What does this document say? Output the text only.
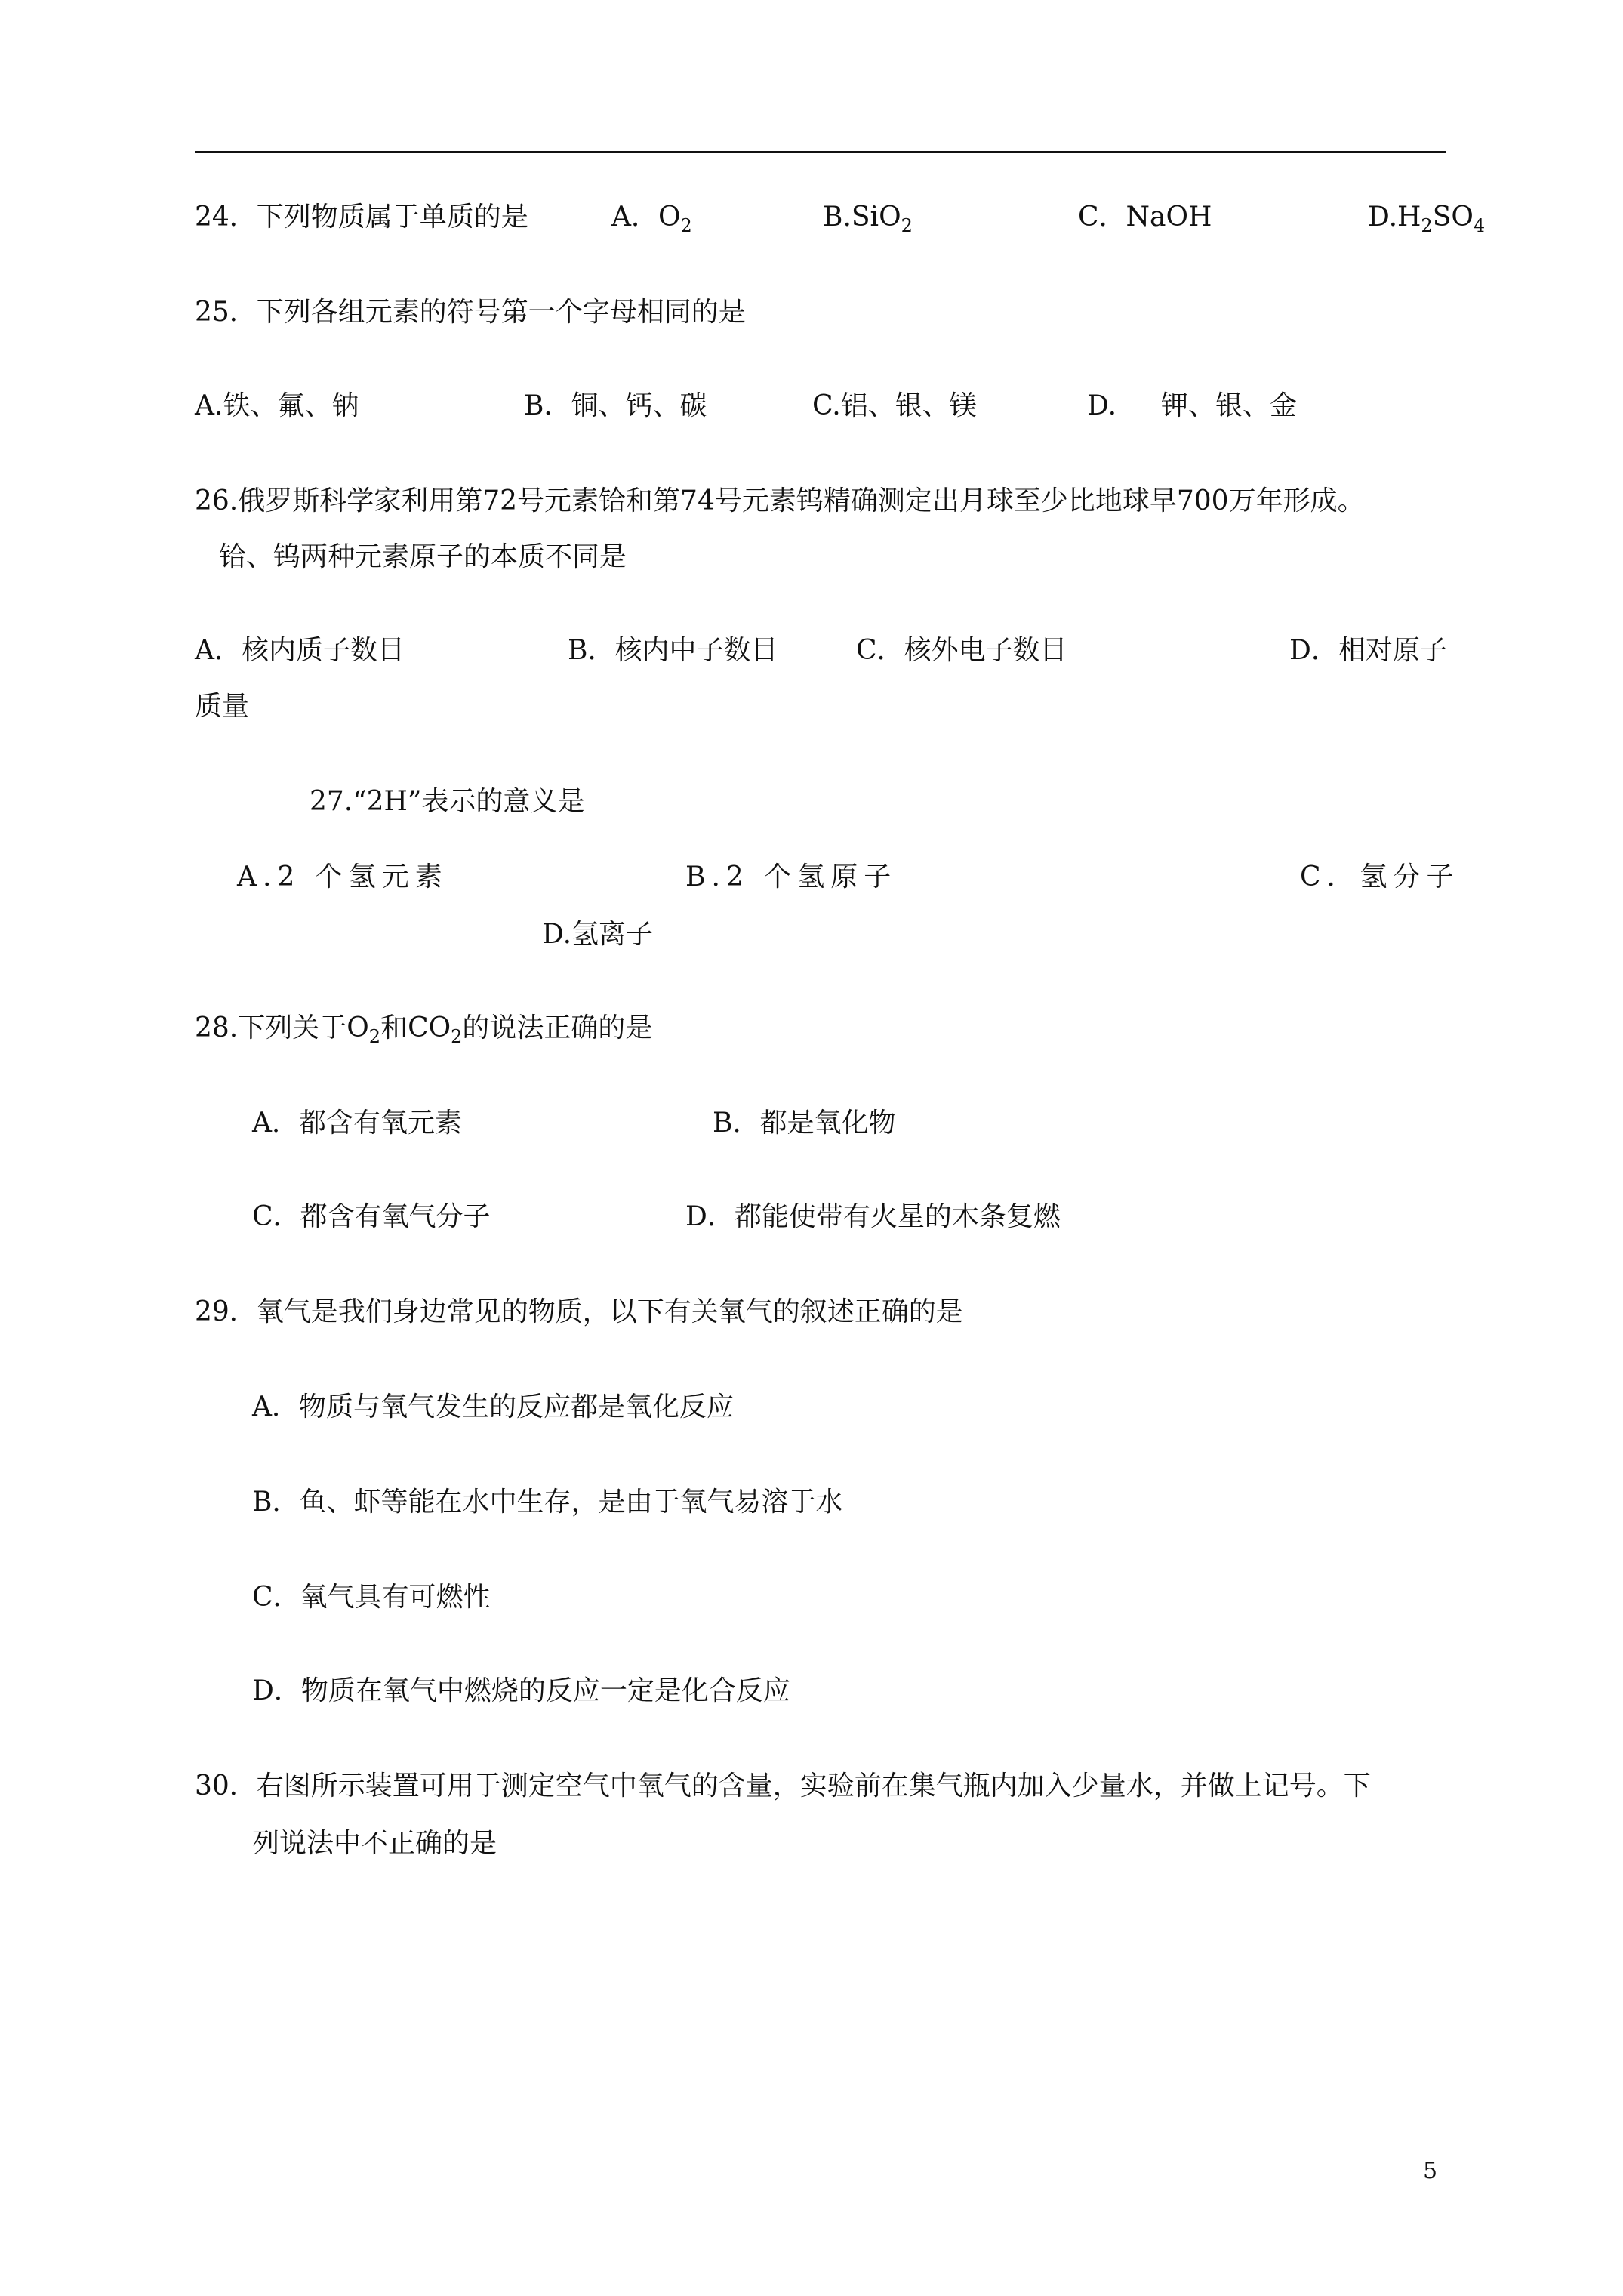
24．下列物质属于单质的是	A．$O_2$	B.SiO$_2$	C．NaOH	$D.H_2SO_4$
25．下列各组元素的符号第一个字母相同的是
A.铁、氟、钠	B．铜、钙、碳	C.铝、银、镁	D. 钾、银、金
26.俄罗斯科学家利用第72号元素铪和第74号元素钨精确测定出月球至少比地球早700万年形成。
铪、钨两种元素原子的本质不同是
A．核内质子数目	B．核内中子数目	C．核外电子数目	D．相对原子
质量
27.“2H”表示的意义是
A.2 个氢元素	B.2 个氢原子	C．氢分子
D.氢离子
28.下列关于$O_2$和$CO_2$的说法正确的是
A．都含有氧元素	B．都是氧化物
C．都含有氧气分子	D．都能使带有火星的木条复燃
29．氧气是我们身边常见的物质，以下有关氧气的叙述正确的是
A．物质与氧气发生的反应都是氧化反应
B．鱼、虾等能在水中生存，是由于氧气易溶于水
C．氧气具有可燃性
D．物质在氧气中燃烧的反应一定是化合反应
30．右图所示装置可用于测定空气中氧气的含量，实验前在集气瓶内加入少量水，并做上记号。下
列说法中不正确的是
5
